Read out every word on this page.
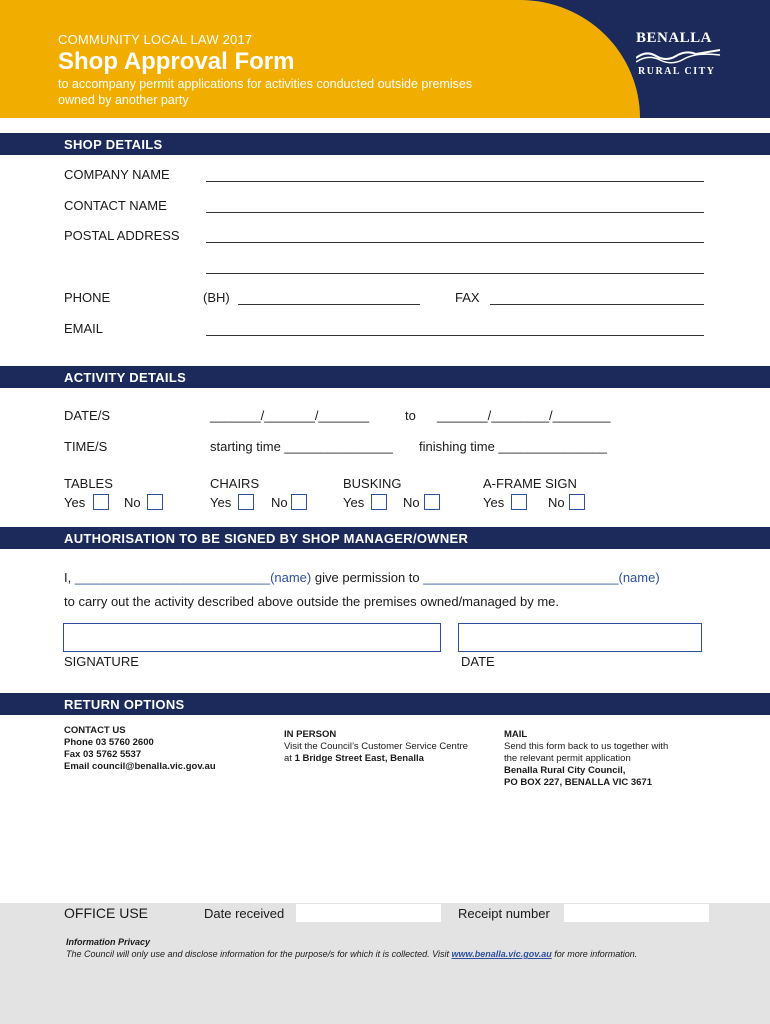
COMMUNITY LOCAL LAW 2017
Shop Approval Form
to accompany permit applications for activities conducted outside premises owned by another party
BENALLA
RURAL CITY
SHOP DETAILS
COMPANY NAME
CONTACT NAME
POSTAL ADDRESS
PHONE	(BH)	FAX
EMAIL
ACTIVITY DETAILS
DATE/S	_______/_______/_______	to _______/________/________
TIME/S	starting time _______________ finishing time _______________
TABLES
Yes	No
CHAIRS
Yes	No
BUSKING
Yes	No
A-FRAME SIGN
Yes	No
AUTHORISATION TO BE SIGNED BY SHOP MANAGER/OWNER
I, ___________________________(name) give permission to ___________________________(name)
to carry out the activity described above outside the premises owned/managed by me.
SIGNATURE	DATE
RETURN OPTIONS
CONTACT US
Phone 03 5760 2600
Fax 03 5762 5537
Email council@benalla.vic.gov.au
IN PERSON
Visit the Council’s Customer Service Centre
at 1 Bridge Street East, Benalla
MAIL
Send this form back to us together with
the relevant permit application
Benalla Rural City Council,
PO BOX 227, BENALLA VIC 3671
OFFICE USE	Date received	Receipt number
Information Privacy
The Council will only use and disclose information for the purpose/s for which it is collected. Visit www.benalla.vic.gov.au for more information.
